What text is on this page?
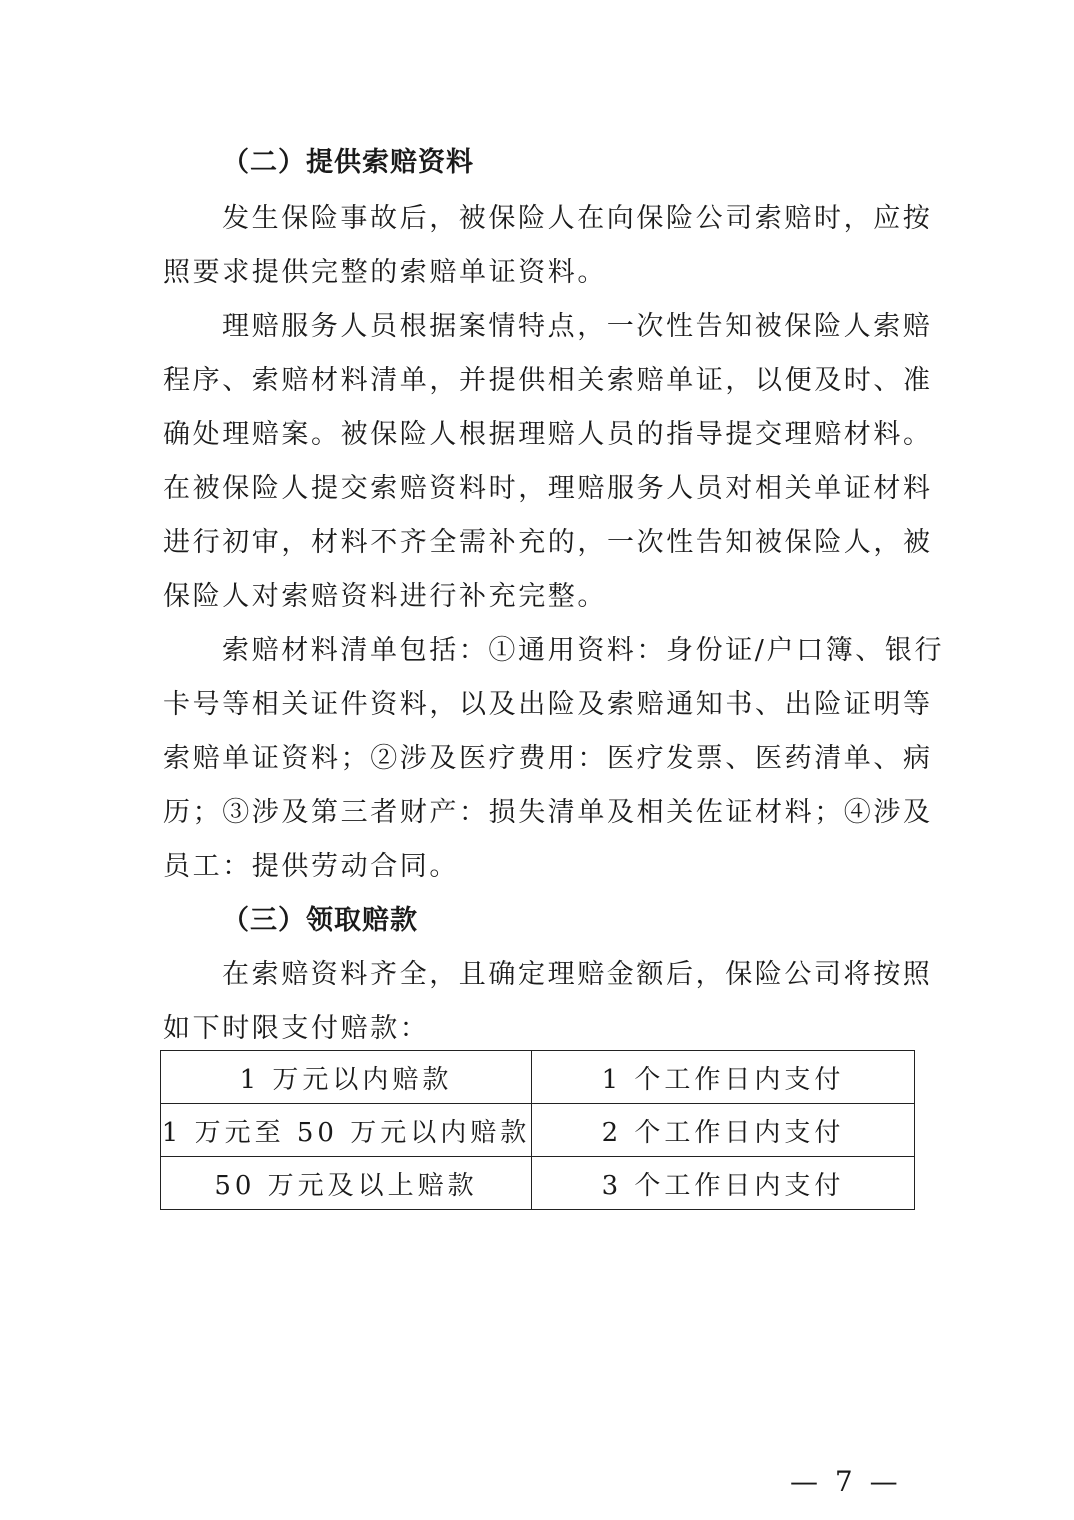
（二）提供索赔资料
发生保险事故后，被保险人在向保险公司索赔时，应按
照要求提供完整的索赔单证资料。
理赔服务人员根据案情特点，一次性告知被保险人索赔
程序、索赔材料清单，并提供相关索赔单证，以便及时、准
确处理赔案。被保险人根据理赔人员的指导提交理赔材料。
在被保险人提交索赔资料时，理赔服务人员对相关单证材料
进行初审，材料不齐全需补充的，一次性告知被保险人，被
保险人对索赔资料进行补充完整。
索赔材料清单包括：①通用资料：身份证/户口簿、银行
卡号等相关证件资料，以及出险及索赔通知书、出险证明等
索赔单证资料；②涉及医疗费用：医疗发票、医药清单、病
历；③涉及第三者财产：损失清单及相关佐证材料；④涉及
员工：提供劳动合同。
（三）领取赔款
在索赔资料齐全，且确定理赔金额后，保险公司将按照
如下时限支付赔款：
1 万元以内赔款	1 个工作日内支付
1 万元至 50 万元以内赔款	2 个工作日内支付
50 万元及以上赔款	3 个工作日内支付
— 7 —
